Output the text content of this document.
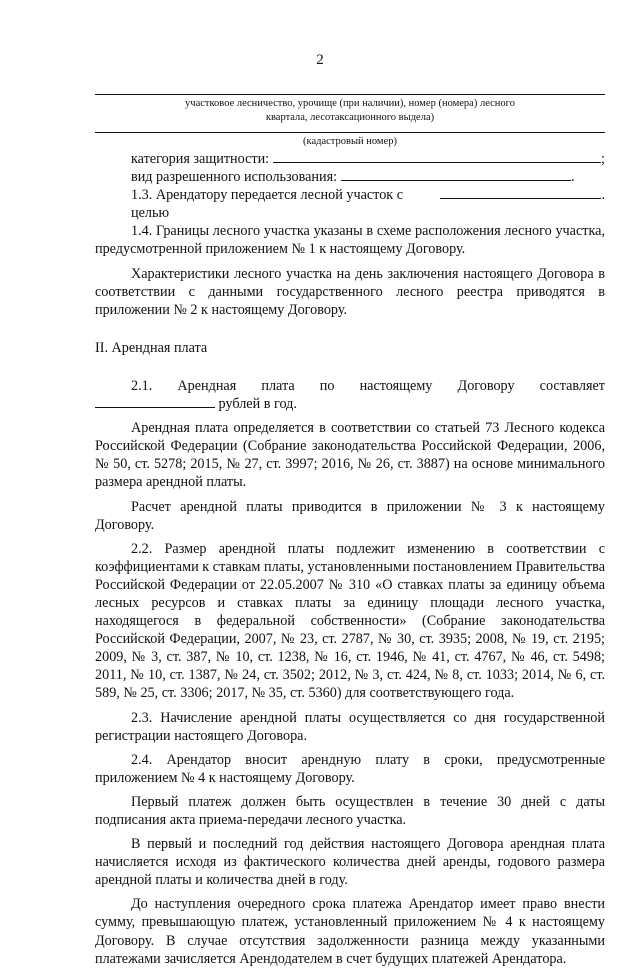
2
участковое лесничество, урочище (при наличии), номер (номера) лесного
квартала, лесотаксационного выдела)
(кадастровый номер)
категория защитности:	;
вид разрешенного использования:	.
1.3. Арендатору передается лесной участок с целью
.

1.4. Границы лесного участка указаны в схеме расположения лесного участка, предусмотренной приложением № 1 к настоящему Договору.

Характеристики лесного участка на день заключения настоящего Договора в соответствии с данными государственного лесного реестра приводятся в приложении № 2 к настоящему Договору.

II. Арендная плата

2.1. Арендная плата по настоящему Договору составляет
рублей в год.

Арендная плата определяется в соответствии со статьей 73 Лесного кодекса Российской Федерации (Собрание законодательства Российской Федерации, 2006, № 50, ст. 5278; 2015, № 27, ст. 3997; 2016, № 26, ст. 3887) на основе минимального размера арендной платы.

Расчет арендной платы приводится в приложении № 3 к настоящему Договору.

2.2. Размер арендной платы подлежит изменению в соответствии с коэффициентами к ставкам платы, установленными постановлением Правительства Российской Федерации от 22.05.2007 № 310 «О ставках платы за единицу объема лесных ресурсов и ставках платы за единицу площади лесного участка, находящегося в федеральной собственности» (Собрание законодательства Российской Федерации, 2007, № 23, ст. 2787, № 30, ст. 3935; 2008, № 19, ст. 2195; 2009, № 3, ст. 387, № 10, ст. 1238, № 16, ст. 1946, № 41, ст. 4767, № 46, ст. 5498; 2011, № 10, ст. 1387, № 24, ст. 3502; 2012, № 3, ст. 424, № 8, ст. 1033; 2014, № 6, ст. 589, № 25, ст. 3306; 2017, № 35, ст. 5360) для соответствующего года.

2.3. Начисление арендной платы осуществляется со дня государственной регистрации настоящего Договора.

2.4. Арендатор вносит арендную плату в сроки, предусмотренные приложением № 4 к настоящему Договору.

Первый платеж должен быть осуществлен в течение 30 дней с даты подписания акта приема-передачи лесного участка.

В первый и последний год действия настоящего Договора арендная плата начисляется исходя из фактического количества дней аренды, годового размера арендной платы и количества дней в году.

До наступления очередного срока платежа Арендатор имеет право внести сумму, превышающую платеж, установленный приложением № 4 к настоящему Договору. В случае отсутствия задолженности разница между указанными платежами зачисляется Арендодателем в счет будущих платежей Арендатора.
